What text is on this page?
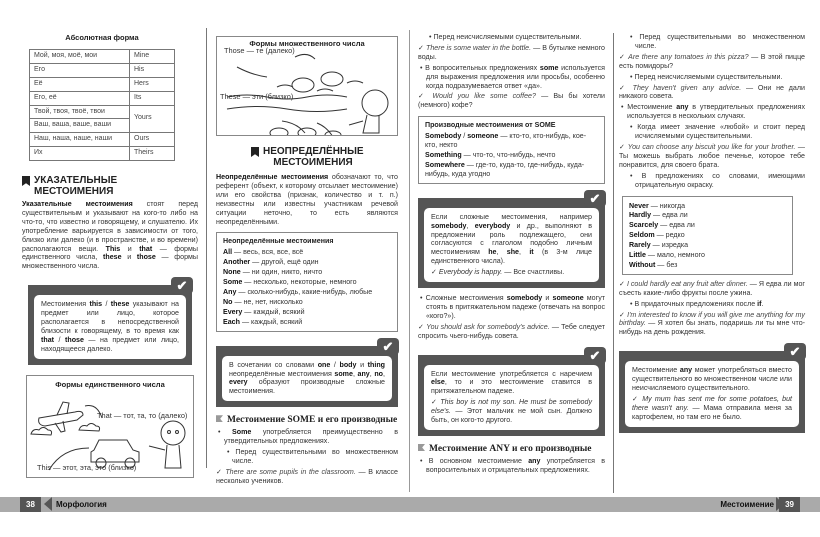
Абсолютная форма
Мой, моя, моё, мои	Mine
Его	His
Её	Hers
Его, её	Its
Твой, твоя, твоё, твои	Yours
Ваш, ваша, ваше, ваши	
Наш, наша, наше, наши	Ours
Их	Theirs
УКАЗАТЕЛЬНЫЕ МЕСТОИМЕНИЯ

Указательные местоимения стоят перед существительным и указывают на кого-то либо на что-то, что известно и говорящему, и слушателю. Их употребление варьируется в зависимости от того, близко или далеко (и в пространстве, и во времени) располагаются вещи. This и that — формы единственного числа, these и those — формы множественного числа.

✔
Местоимения this / these указывают на предмет или лицо, которое располагается в непосредственной близости к говорящему, в то время как that / those — на предмет или лицо, находящееся далеко.
Формы единственного числа
That — тот, та, то (далеко)
This — этот, эта, это (близко)
Формы множественного числа
Those — те (далеко)
These — эти (близко)
НЕОПРЕДЕЛЁННЫЕ МЕСТОИМЕНИЯ

Неопределённые местоимения обозначают то, что референт (объект, к которому отсылает местоимение) или его свойства (признак, количество и т. п.) неизвестны или известны участникам речевой ситуации неточно, то есть являются неопределёнными.

Неопределённые местоимения
All — весь, вся, все, всё
Another — другой, ещё один
None — ни один, никто, ничто
Some — несколько, некоторые, немного
Any — сколько-нибудь, какие-нибудь, любые
No — не, нет, нисколько
Every — каждый, всякий
Each — каждый, всякий
✔
В сочетании со словами one / body и thing неопределённые местоимения some, any, no, every образуют производные сложные местоимения.
Местоимение SOME и его производные

• Some употребляется преимущественно в утвердительных предложениях.

• Перед существительными во множественном числе.

✓ There are some pupils in the classroom. — В классе несколько учеников.

• Перед неисчисляемыми существительными.

✓ There is some water in the bottle. — В бутылке немного воды.

• В вопросительных предложениях some используется для выражения предложения или просьбы, особенно когда подразумевается ответ «да».

✓ Would you like some coffee? — Вы бы хотели (немного) кофе?

Производные местоимения от SOME
Somebody / someone — кто-то, кто-нибудь, кое-кто, некто
Something — что-то, что-нибудь, нечто
Somewhere — где-то, куда-то, где-нибудь, куда-нибудь, куда угодно
✔
Если сложные местоимения, например somebody, everybody и др., выполняют в предложении роль подлежащего, они согласуются с глаголом подобно личным местоимениям he, she, it (в 3-м лице единственного числа).
✓ Everybody is happy. — Все счастливы.

• Сложные местоимения somebody и someone могут стоять в притяжательном падеже (отвечать на вопрос «кого?»).

✓ You should ask for somebody's advice. — Тебе следует спросить чьего-нибудь совета.

✔
Если местоимение употребляется с наречием else, то и это местоимение ставится в притяжательном падеже.
✓ This boy is not my son. He must be somebody else's. — Этот мальчик не мой сын. Должно быть, он кого-то другого.
Местоимение ANY и его производные

• В основном местоимение any употребляется в вопросительных и отрицательных предложениях.

• Перед существительными во множественном числе.

✓ Are there any tomatoes in this pizza? — В этой пицце есть помидоры?

• Перед неисчисляемыми существительными.

✓ They haven't given any advice. — Они не дали никакого совета.

• Местоимение any в утвердительных предложениях используется в нескольких случаях.

• Когда имеет значение «любой» и стоит перед исчисляемыми существительными.

✓ You can choose any biscuit you like for your brother. — Ты можешь выбрать любое печенье, которое тебе понравится, для своего брата.

• В предложениях со словами, имеющими отрицательную окраску.

Never — никогда
Hardly — едва ли
Scarcely — едва ли
Seldom — редко
Rarely — изредка
Little — мало, немного
Without — без

✓ I could hardly eat any fruit after dinner. — Я едва ли мог съесть какие-либо фрукты после ужина.

• В придаточных предложениях после if.

✓ I'm interested to know if you will give me anything for my birthday. — Я хотел бы знать, подаришь ли ты мне что-нибудь на день рождения.

✔
Местоимение any может употребляться вместо существительного во множественном числе или неисчисляемого существительного.
✓ My mum has sent me for some potatoes, but there wasn't any. — Мама отправила меня за картофелем, но там его не было.
38	Морфология	Местоимение	39
